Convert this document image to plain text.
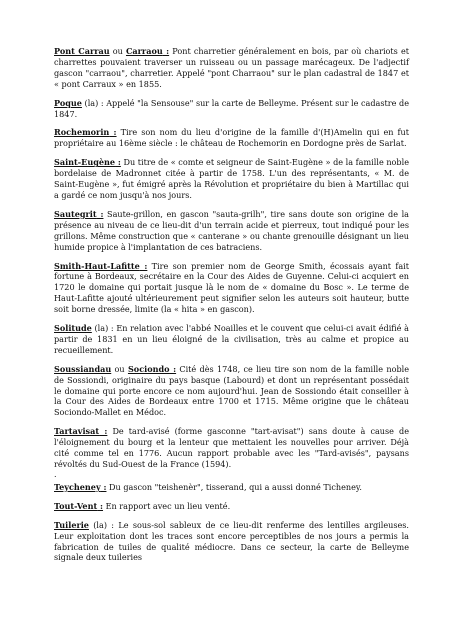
Pont Carrau ou Carraou : Pont charretier généralement en bois, par où chariots et charrettes pouvaient traverser un ruisseau ou un passage marécageux. De l'adjectif gascon "carraou", charretier. Appelé "pont Charraou" sur le plan cadastral de 1847 et « pont Carraux » en 1855.

Poque (la) : Appelé "la Sensouse" sur la carte de Belleyme. Présent sur le cadastre de 1847.

Rochemorin : Tire son nom du lieu d'origine de la famille d'(H)Amelin qui en fut propriétaire au 16ème siècle : le château de Rochemorin en Dordogne près de Sarlat.

Saint-Eugène : Du titre de « comte et seigneur de Saint-Eugène » de la famille noble bordelaise de Madronnet citée à partir de 1758. L'un des représentants, « M. de Saint-Eugène », fut émigré après la Révolution et propriétaire du bien à Martillac qui a gardé ce nom jusqu'à nos jours.

Sautegrit : Saute-grillon, en gascon "sauta-grilh", tire sans doute son origine de la présence au niveau de ce lieu-dit d'un terrain acide et pierreux, tout indiqué pour les grillons. Même construction que « canterane » ou chante grenouille désignant un lieu humide propice à l'implantation de ces batraciens.

Smith-Haut-Lafitte : Tire son premier nom de George Smith, écossais ayant fait fortune à Bordeaux, secrétaire en la Cour des Aides de Guyenne. Celui-ci acquiert en 1720 le domaine qui portait jusque là le nom de « domaine du Bosc ». Le terme de Haut-Lafitte ajouté ultérieurement peut signifier selon les auteurs soit hauteur, butte soit borne dressée, limite (la « hita » en gascon).

Solitude (la) : En relation avec l'abbé Noailles et le couvent que celui-ci avait édifié à partir de 1831 en un lieu éloigné de la civilisation, très au calme et propice au recueillement.

Soussiandau ou Sociondo : Cité dès 1748, ce lieu tire son nom de la famille noble de Sossiondi, originaire du pays basque (Labourd) et dont un représentant possédait le domaine qui porte encore ce nom aujourd'hui. Jean de Sossiondo était conseiller à la Cour des Aides de Bordeaux entre 1700 et 1715. Même origine que le château Sociondo-Mallet en Médoc.

Tartavisat : De tard-avisé (forme gasconne "tart-avisat") sans doute à cause de l'éloignement du bourg et la lenteur que mettaient les nouvelles pour arriver. Déjà cité comme tel en 1776. Aucun rapport probable avec les "Tard-avisés", paysans révoltés du Sud-Ouest de la France (1594).

.

Teycheney : Du gascon "teishenèr", tisserand, qui a aussi donné Ticheney.

Tout-Vent : En rapport avec un lieu venté.

Tuilerie (la) : Le sous-sol sableux de ce lieu-dit renferme des lentilles argileuses. Leur exploitation dont les traces sont encore perceptibles de nos jours a permis la fabrication de tuiles de qualité médiocre. Dans ce secteur, la carte de Belleyme signale deux tuileries
